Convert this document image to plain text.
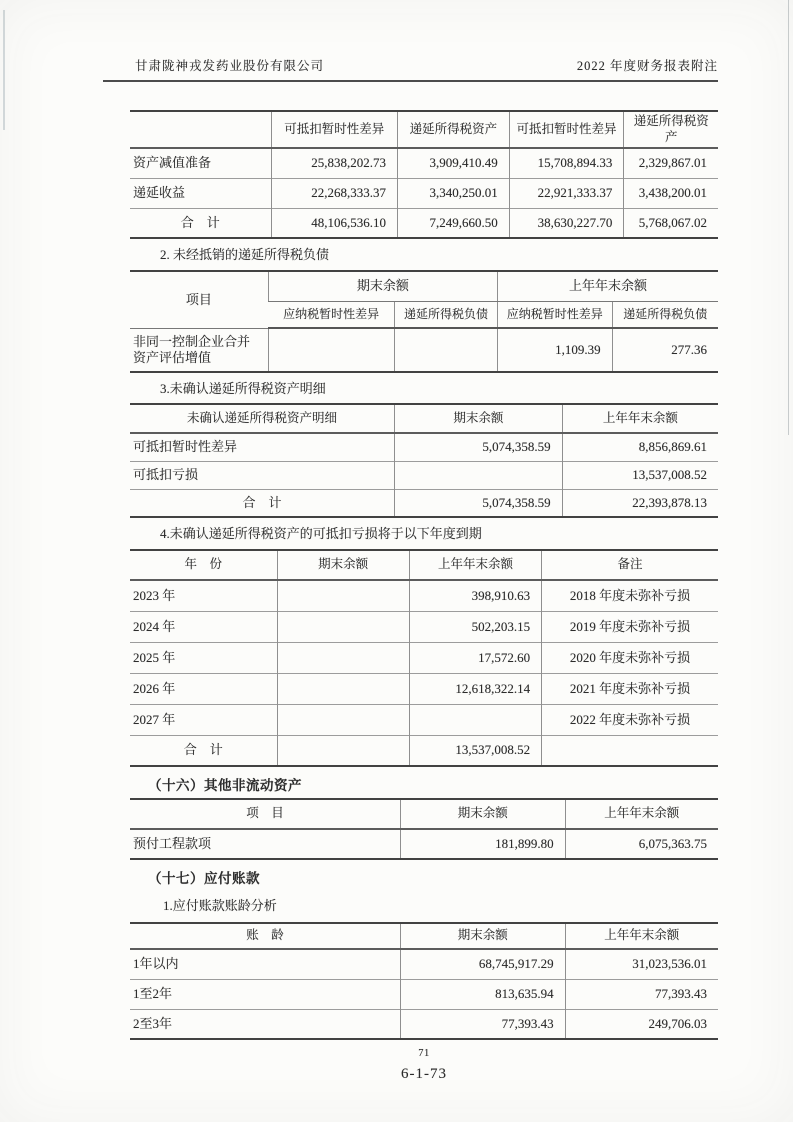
甘肃陇神戎发药业股份有限公司	2022 年度财务报表附注
	可抵扣暂时性差异	递延所得税资产	可抵扣暂时性差异	递延所得税资产
资产减值准备	25,838,202.73	3,909,410.49	15,708,894.33	2,329,867.01
递延收益	22,268,333.37	3,340,250.01	22,921,333.37	3,438,200.01
合　计	48,106,536.10	7,249,660.50	38,630,227.70	5,768,067.02
2. 未经抵销的递延所得税负债
项目	期末余额		上年年末余额	
	应纳税暂时性差异	递延所得税负债	应纳税暂时性差异	递延所得税负债
非同一控制企业合并资产评估增值			1,109.39	277.36
3.未确认递延所得税资产明细
未确认递延所得税资产明细	期末余额	上年年末余额
可抵扣暂时性差异	5,074,358.59	8,856,869.61
可抵扣亏损		13,537,008.52
合　计	5,074,358.59	22,393,878.13
4.未确认递延所得税资产的可抵扣亏损将于以下年度到期
年　份	期末余额	上年年末余额	备注
2023 年		398,910.63	2018 年度未弥补亏损
2024 年		502,203.15	2019 年度未弥补亏损
2025 年		17,572.60	2020 年度未弥补亏损
2026 年		12,618,322.14	2021 年度未弥补亏损
2027 年			2022 年度未弥补亏损
合　计		13,537,008.52	
（十六）其他非流动资产
项　目	期末余额	上年年末余额
预付工程款项	181,899.80	6,075,363.75
（十七）应付账款
1.应付账款账龄分析
账　龄	期末余额	上年年末余额
1年以内	68,745,917.29	31,023,536.01
1至2年	813,635.94	77,393.43
2至3年	77,393.43	249,706.03
71
6-1-73
